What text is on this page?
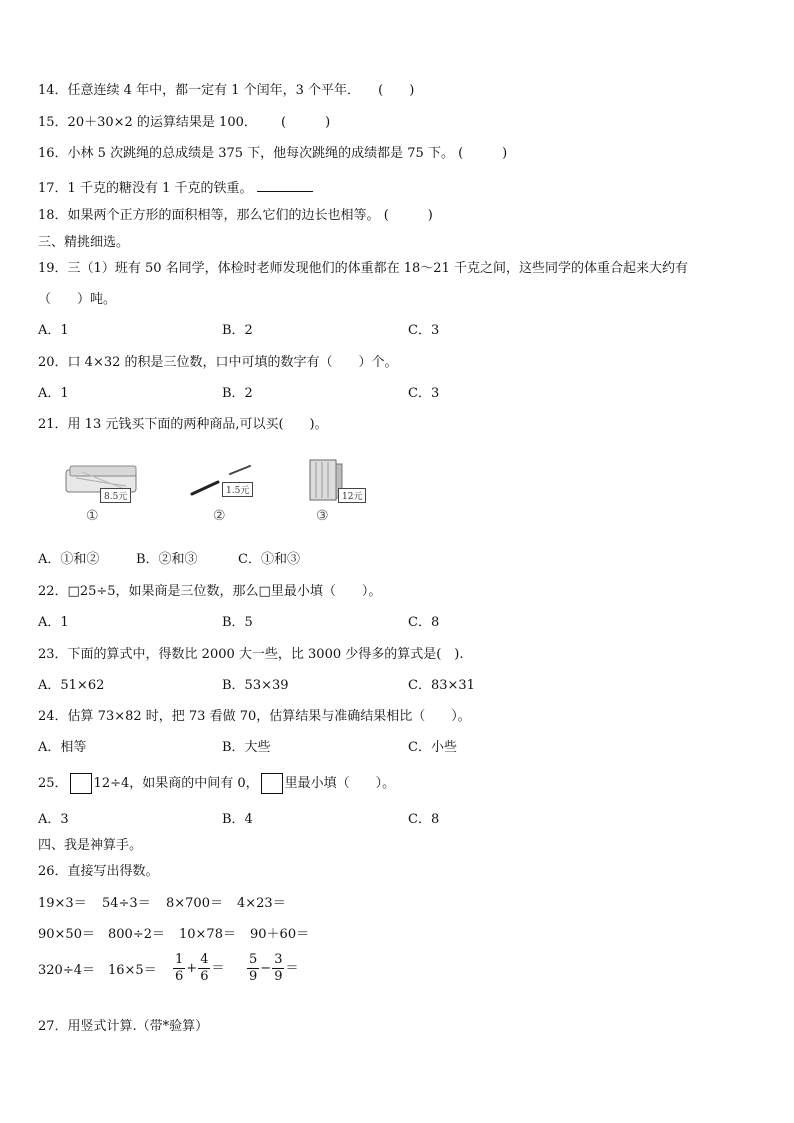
14．任意连续 4 年中，都一定有 1 个闰年，3 个平年． (　　)
15．20＋30×2 的运算结果是 100． (　　　)
16．小林 5 次跳绳的总成绩是 375 下，他每次跳绳的成绩都是 75 下。 (　　　)
17．1 千克的糖没有 1 千克的铁重。
18．如果两个正方形的面积相等，那么它们的边长也相等。 (　　　)
三、精挑细选。
19．三（1）班有 50 名同学，体检时老师发现他们的体重都在 18～21 千克之间，这些同学的体重合起来大约有
（　　）吨。
A．1	B．2	C．3
20．口 4×32 的积是三位数，口中可填的数字有（　　）个。
A．1	B．2	C．3
21．用 13 元钱买下面的两种商品,可以买(　　)。
8.5元
①
1.5元
②
12元
③
A．①和②	B．②和③	C．①和③
22．□25÷5，如果商是三位数，那么□里最小填（　　）。
A．1	B．5	C．8
23．下面的算式中，得数比 2000 大一些，比 3000 少得多的算式是(　).
A．51×62	B．53×39	C．83×31
24．估算 73×82 时，把 73 看做 70，估算结果与准确结果相比（　　）。
A．相等	B．大些	C．小些
25． 12÷4，如果商的中间有 0， 里最小填（　　）。
A．3	B．4	C．8
四、我是神算手。
26．直接写出得数。
19×3＝ 54÷3＝ 8×700＝ 4×23＝
90×50＝ 800÷2＝ 10×78＝ 90＋60＝
$320\div 4= 16\times 5= \frac{1}{6} + \frac{4}{6} = \frac{5}{9} - \frac{3}{9}$ ＝
27．用竖式计算.（带*验算）
